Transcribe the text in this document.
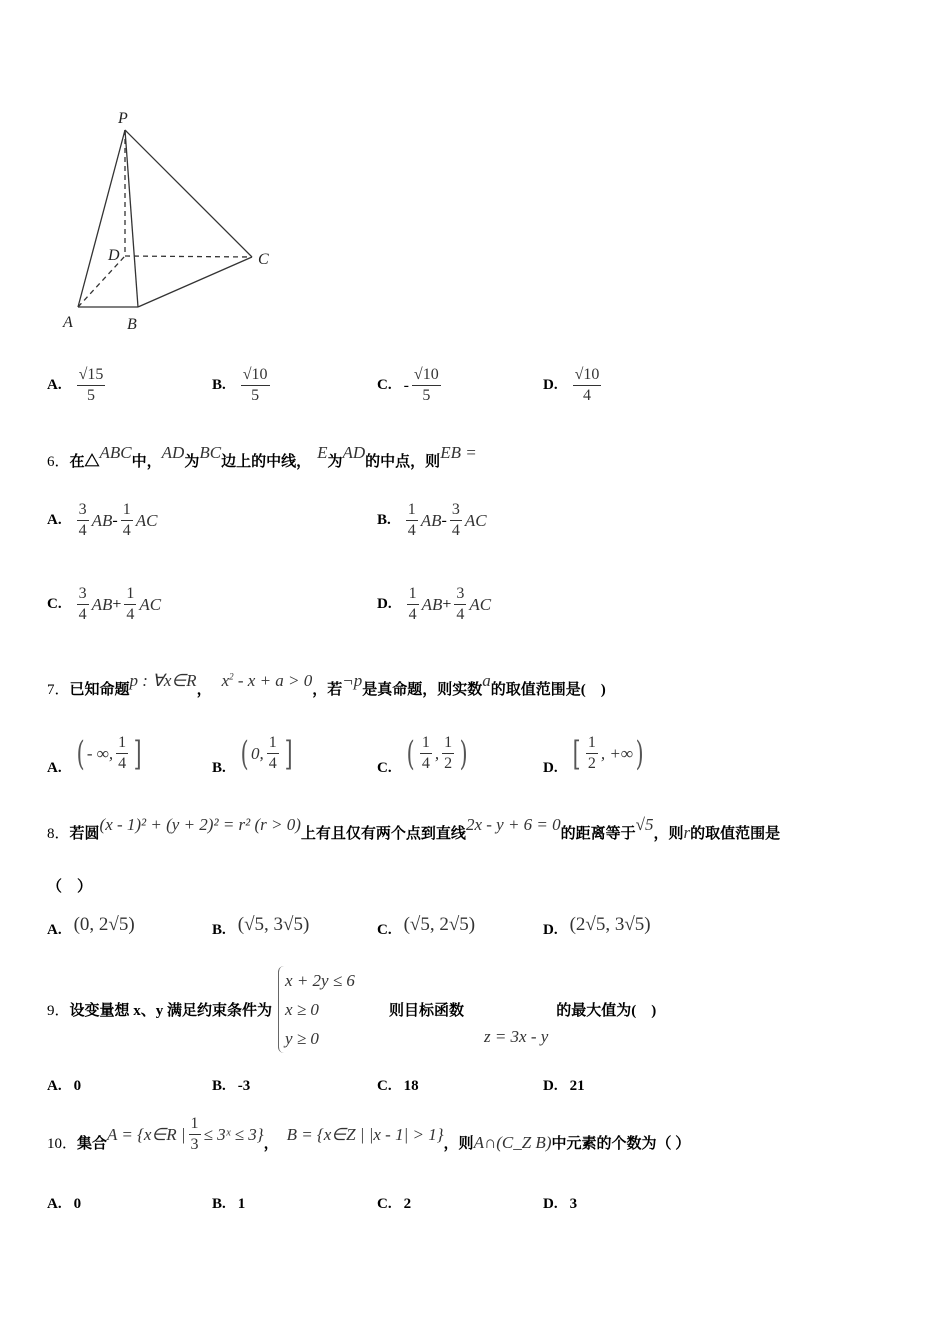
P
D	C
A	B
A. $\frac{√15}{5}$	B. $\frac{√10}{5}$	C. - $\frac{√10}{5}$	D. $\frac{√10}{4}$
6． 在△
ABC
中，
AD
为
BC
边上的中线，
E
为
AD
的中点，则
EB =
A. $\frac{3}{4}$ AB - $\frac{1}{4}$ AC	B. $\frac{1}{4}$ AB - $\frac{3}{4}$ AC
C. $\frac{3}{4}$ AB + $\frac{1}{4}$ AC	D. $\frac{1}{4}$ AB + $\frac{3}{4}$ AC
7． 已知命题
p : ∀x∈R
，
$x^2 - x + a > 0$
，若
¬p
是真命题，则实数
a
的取值范围是(　)
A. ( - ∞, $\frac{1}{4}$ ]	B. ( 0, $\frac{1}{4}$ ]	C. ( $\frac{1}{4}$ , $\frac{1}{2}$ )	D. [ $\frac{1}{2}$ , +∞ )
8． 若圆
(x - 1)² + (y + 2)² = r² (r > 0)
上有且仅有两个点到直线
2x - y + 6 = 0
的距离等于
√5
，则 r 的取值范围是
（　）
A. (0, 2√5)	B. (√5, 3√5)	C. (√5, 2√5)	D. (2√5, 3√5)
9． 设变量想 x、y 满足约束条件为
x + 2y ≤ 6
x ≥ 0
y ≥ 0
则目标函数
z = 3x - y
的最大值为(　)
A. 0	B. -3	C. 18	D. 21
10． 集合
A = {x∈R | $\frac{1}{3}$ ≤ 3ˣ ≤ 3}
，
B = {x∈Z | |x - 1| > 1}
，则 A∩(C_Z B) 中元素的个数为（ ）
A. 0	B. 1	C. 2	D. 3
